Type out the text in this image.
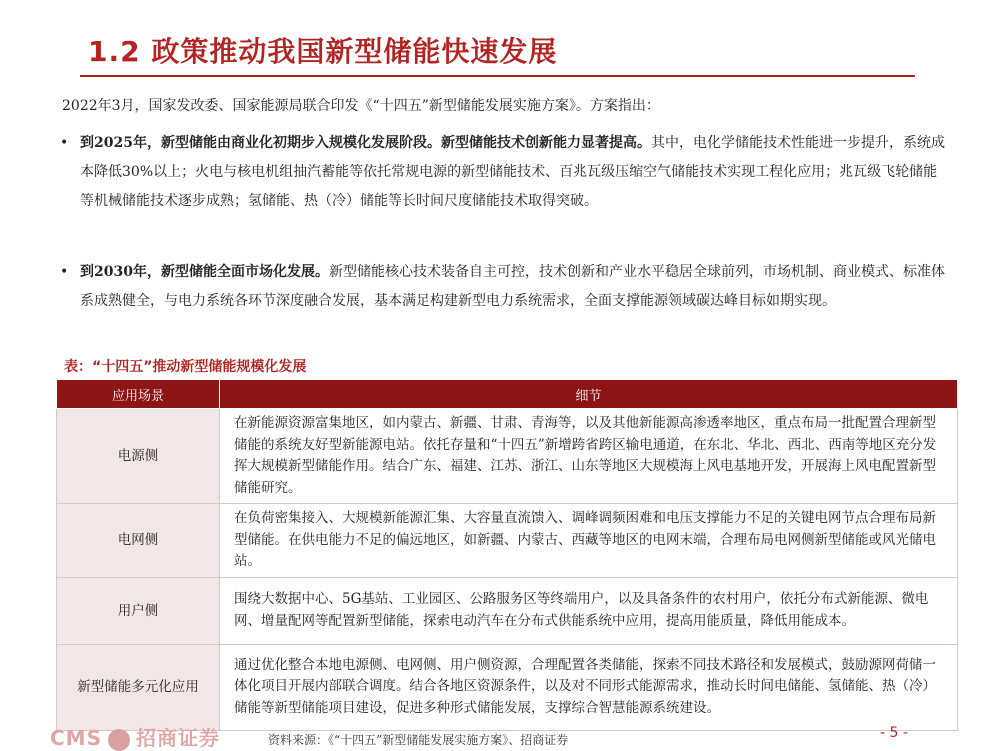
1.2 政策推动我国新型储能快速发展
2022年3月，国家发改委、国家能源局联合印发《“十四五”新型储能发展实施方案》。方案指出：
• 到2025年，新型储能由商业化初期步入规模化发展阶段。新型储能技术创新能力显著提高。其中，电化学储能技术性能进一步提升，系统成本降低30%以上；火电与核电机组抽汽蓄能等依托常规电源的新型储能技术、百兆瓦级压缩空气储能技术实现工程化应用；兆瓦级飞轮储能等机械储能技术逐步成熟；氢储能、热（冷）储能等长时间尺度储能技术取得突破。
• 到2030年，新型储能全面市场化发展。新型储能核心技术装备自主可控，技术创新和产业水平稳居全球前列，市场机制、商业模式、标准体系成熟健全，与电力系统各环节深度融合发展，基本满足构建新型电力系统需求，全面支撑能源领域碳达峰目标如期实现。
表：“十四五”推动新型储能规模化发展
应用场景	细节
电源侧	在新能源资源富集地区，如内蒙古、新疆、甘肃、青海等，以及其他新能源高渗透率地区，重点布局一批配置合理新型储能的系统友好型新能源电站。依托存量和“十四五”新增跨省跨区输电通道，在东北、华北、西北、西南等地区充分发挥大规模新型储能作用。结合广东、福建、江苏、浙江、山东等地区大规模海上风电基地开发，开展海上风电配置新型储能研究。
电网侧	在负荷密集接入、大规模新能源汇集、大容量直流馈入、调峰调频困难和电压支撑能力不足的关键电网节点合理布局新型储能。在供电能力不足的偏远地区，如新疆、内蒙古、西藏等地区的电网末端，合理布局电网侧新型储能或风光储电站。
用户侧	围绕大数据中心、5G基站、工业园区、公路服务区等终端用户，以及具备条件的农村用户，依托分布式新能源、微电网、增量配网等配置新型储能，探索电动汽车在分布式供能系统中应用，提高用能质量，降低用能成本。
新型储能多元化应用	通过优化整合本地电源侧、电网侧、用户侧资源，合理配置各类储能，探索不同技术路径和发展模式，鼓励源网荷储一体化项目开展内部联合调度。结合各地区资源条件，以及对不同形式能源需求，推动长时间电储能、氢储能、热（冷）储能等新型储能项目建设，促进多种形式储能发展，支撑综合智慧能源系统建设。
CMS 招商证券	资料来源：《“十四五”新型储能发展实施方案》、招商证券	- 5 -
